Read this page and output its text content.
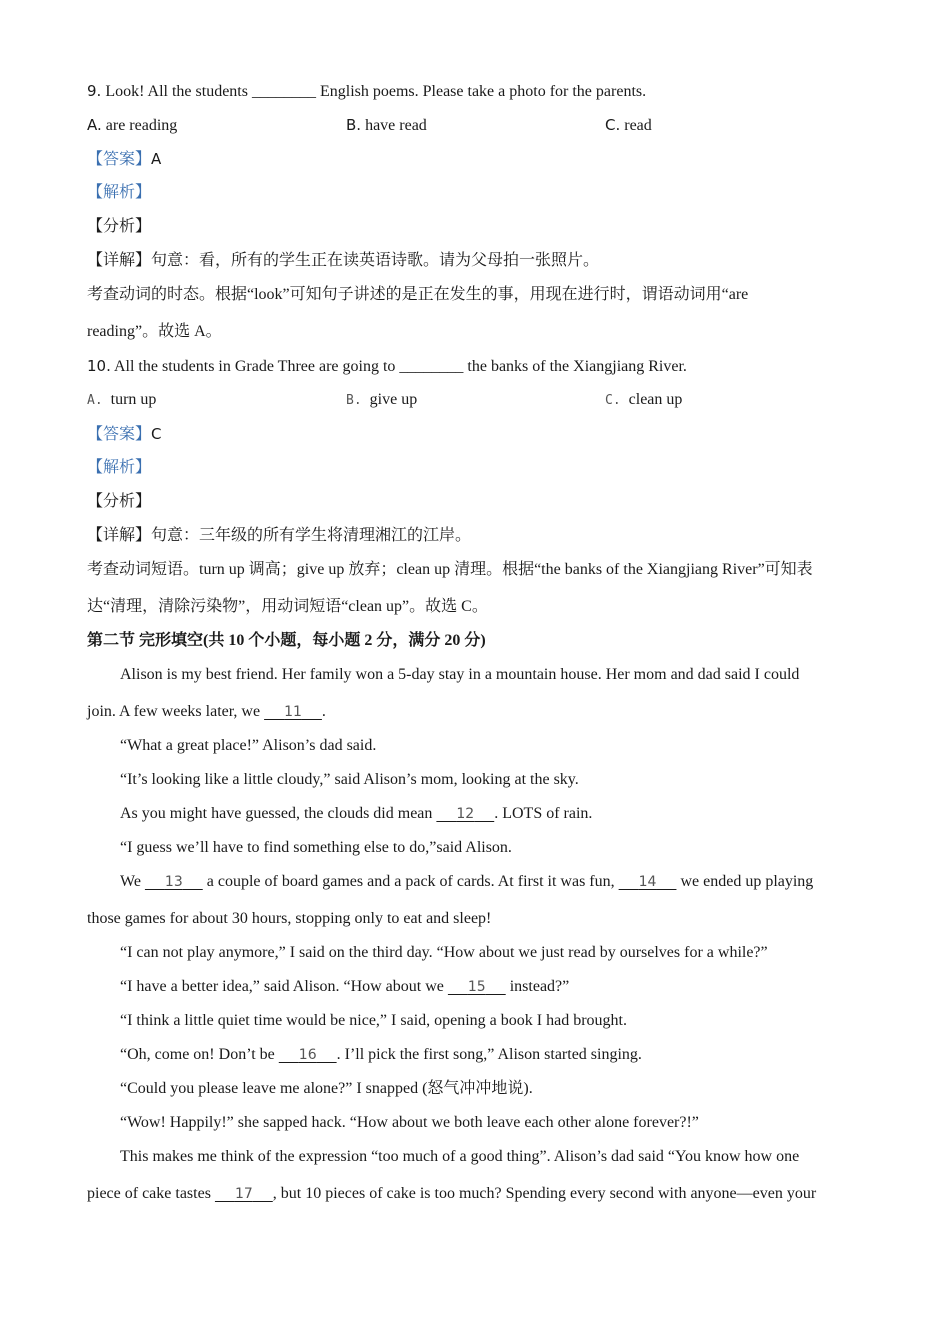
9. Look! All the students ________ English poems. Please take a photo for the parents.
A. are reading	B. have read	C. read
【答案】A
【解析】
【分析】
【详解】句意：看，所有的学生正在读英语诗歌。请为父母拍一张照片。
考查动词的时态。根据“look”可知句子讲述的是正在发生的事，用现在进行时，谓语动词用“are
reading”。故选 A。
10. All the students in Grade Three are going to ________ the banks of the Xiangjiang River.
A. turn up	B. give up	C. clean up
【答案】C
【解析】
【分析】
【详解】句意：三年级的所有学生将清理湘江的江岸。
考查动词短语。turn up 调高；give up 放弃；clean up 清理。根据“the banks of the Xiangjiang River”可知表
达“清理，清除污染物”，用动词短语“clean up”。故选 C。
第二节 完形填空(共 10 个小题，每小题 2 分，满分 20 分)
Alison is my best friend. Her family won a 5-day stay in a mountain house. Her mom and dad said I could
join. A few weeks later, we      11 .
“What a great place!” Alison’s dad said.
“It’s looking like a little cloudy,” said Alison’s mom, looking at the sky.
As you might have guessed, the clouds did mean      12 . LOTS of rain.
“I guess we’ll have to find something else to do,”said Alison.
We      13      a couple of board games and a pack of cards. At first it was fun,      14      we ended up playing
those games for about 30 hours, stopping only to eat and sleep!
“I can not play anymore,” I said on the third day. “How about we just read by ourselves for a while?”
“I have a better idea,” said Alison. “How about we      15      instead?”
“I think a little quiet time would be nice,” I said, opening a book I had brought.
“Oh, come on! Don’t be      16 . I’ll pick the first song,” Alison started singing.
“Could you please leave me alone?” I snapped (怒气冲冲地说).
“Wow! Happily!” she sapped hack. “How about we both leave each other alone forever?!”
This makes me think of the expression “too much of a good thing”. Alison’s dad said “You know how one
piece of cake tastes      17 , but 10 pieces of cake is too much? Spending every second with anyone—even your
